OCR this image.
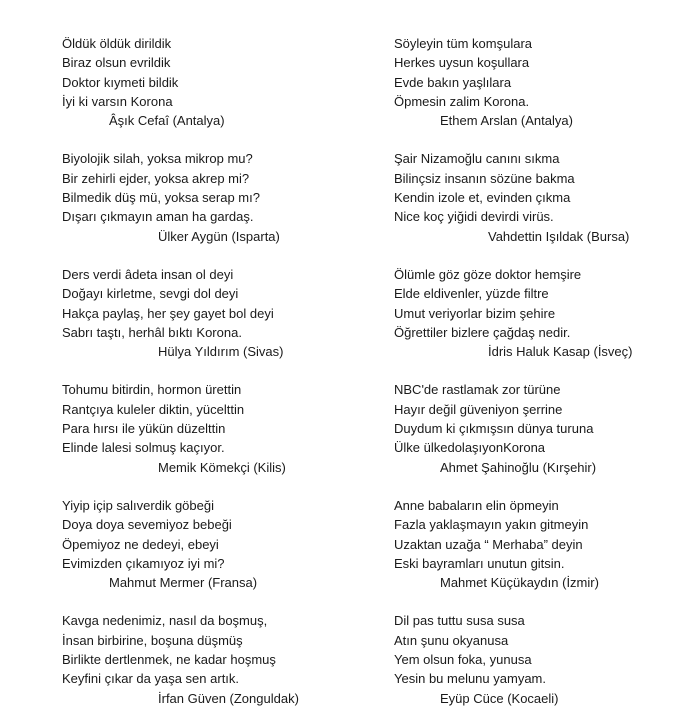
Öldük öldük dirildik
Biraz olsun evrildik
Doktor kıymeti bildik
İyi ki varsın Korona
Âşık Cefaî (Antalya)
Biyolojik silah, yoksa mikrop mu?
Bir zehirli ejder, yoksa akrep mi?
Bilmedik düş mü, yoksa serap mı?
Dışarı çıkmayın aman ha gardaş.
Ülker Aygün (Isparta)
Ders verdi âdeta insan ol deyi
Doğayı kirletme, sevgi dol deyi
Hakça paylaş, her şey gayet bol deyi
Sabrı taştı, herhâl bıktı Korona.
Hülya Yıldırım (Sivas)
Tohumu bitirdin, hormon ürettin
Rantçıya kuleler diktin, yücelttin
Para hırsı ile yükün düzelttin
Elinde lalesi solmuş kaçıyor.
Memik Kömekçi (Kilis)
Yiyip içip salıverdik göbeği
Doya doya sevemiyoz bebeği
Öpemiyoz ne dedeyi, ebeyi
Evimizden çıkamıyoz iyi mi?
Mahmut Mermer (Fransa)
Kavga nedenimiz, nasıl da boşmuş,
İnsan birbirine, boşuna düşmüş
Birlikte dertlenmek, ne kadar hoşmuş
Keyfini çıkar da yaşa sen artık.
İrfan Güven (Zonguldak)
Söyleyin tüm komşulara
Herkes uysun koşullara
Evde bakın yaşlılara
Öpmesin zalim Korona.
Ethem Arslan (Antalya)
Şair Nizamoğlu canını sıkma
Bilinçsiz insanın sözüne bakma
Kendin izole et, evinden çıkma
Nice koç yiğidi devirdi virüs.
Vahdettin Işıldak (Bursa)
Ölümle göz göze doktor hemşire
Elde eldivenler, yüzde filtre
Umut veriyorlar bizim şehire
Öğrettiler bizlere çağdaş nedir.
İdris Haluk Kasap (İsveç)
NBC'de rastlamak zor türüne
Hayır değil güveniyon şerrine
Duydum ki çıkmışsın dünya turuna
Ülke ülkedolaşıyonKorona
Ahmet Şahinoğlu (Kırşehir)
Anne babaların elin öpmeyin
Fazla yaklaşmayın yakın gitmeyin
Uzaktan uzağa “ Merhaba” deyin
Eski bayramları unutun gitsin.
Mahmet Küçükaydın (İzmir)
Dil pas tuttu susa susa
Atın şunu okyanusa
Yem olsun foka, yunusa
Yesin bu melunu yamyam.
Eyüp Cüce (Kocaeli)
